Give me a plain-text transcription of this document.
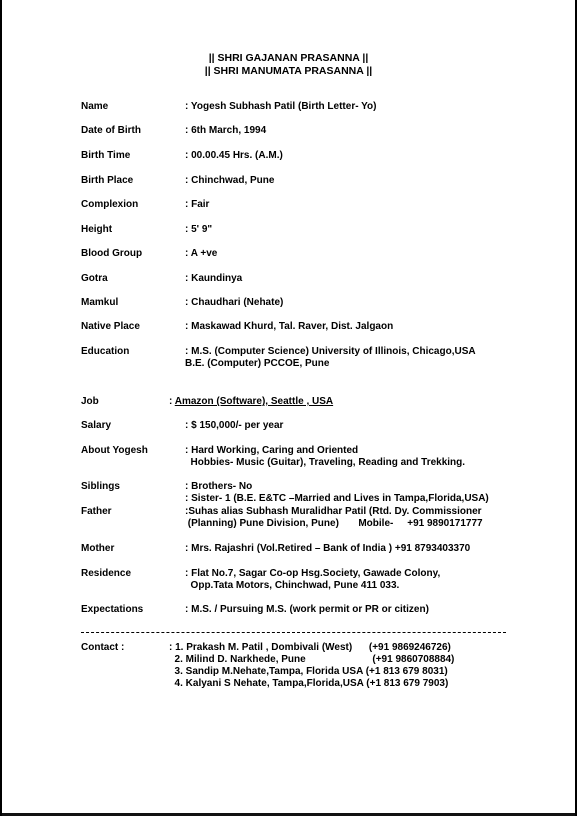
|| SHRI GAJANAN PRASANNA ||
|| SHRI MANUMATA PRASANNA ||
Name	: Yogesh Subhash Patil (Birth Letter- Yo)
Date of Birth	: 6th March, 1994
Birth Time	: 00.00.45 Hrs. (A.M.)
Birth Place	: Chinchwad, Pune
Complexion	: Fair
Height	: 5' 9"
Blood Group	: A +ve
Gotra	: Kaundinya
Mamkul	: Chaudhari (Nehate)
Native Place	: Maskawad Khurd, Tal. Raver, Dist. Jalgaon
Education	: M.S. (Computer Science) University of Illinois, Chicago,USA
B.E. (Computer) PCCOE, Pune
Job	: Amazon (Software), Seattle , USA
Salary	: $ 150,000/- per year
About Yogesh	: Hard Working, Caring and Oriented
Hobbies- Music (Guitar), Traveling, Reading and Trekking.
Siblings	: Brothers- No
: Sister- 1 (B.E. E&TC –Married and Lives in Tampa,Florida,USA)
Father	:Suhas alias Subhash Muralidhar Patil (Rtd. Dy. Commissioner
(Planning) Pune Division, Pune)       Mobile-     +91 9890171777
Mother	: Mrs. Rajashri (Vol.Retired – Bank of India ) +91 8793403370
Residence	: Flat No.7, Sagar Co-op Hsg.Society, Gawade Colony,
Opp.Tata Motors, Chinchwad, Pune 411 033.
Expectations	: M.S. / Pursuing M.S. (work permit or PR or citizen)
Contact :	: 1. Prakash M. Patil , Dombivali (West)      (+91 9869246726)
2. Milind D. Narkhede, Pune                        (+91 9860708884)
3. Sandip M.Nehate,Tampa, Florida USA (+1 813 679 8031)
4. Kalyani S Nehate, Tampa,Florida,USA (+1 813 679 7903)
